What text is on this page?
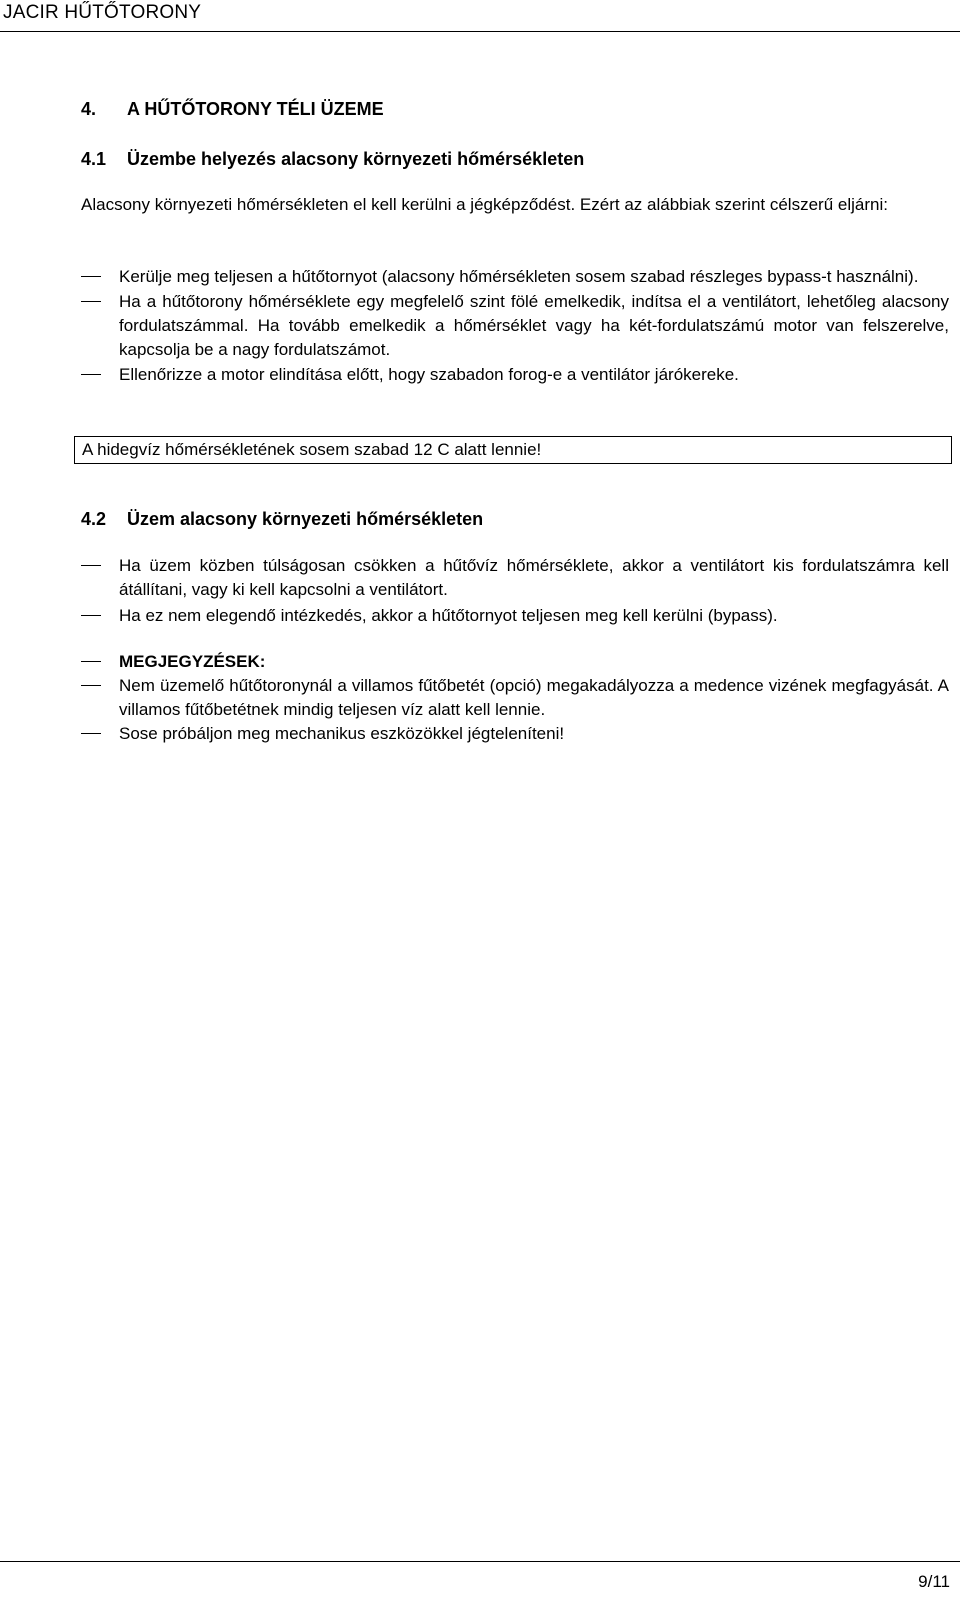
JACIR HŰTŐTORONY
4. A HŰTŐTORONY TÉLI ÜZEME
4.1 Üzembe helyezés alacsony környezeti hőmérsékleten
Alacsony környezeti hőmérsékleten el kell kerülni a jégképződést. Ezért az alábbiak szerint célszerű eljárni:
Kerülje meg teljesen a hűtőtornyot (alacsony hőmérsékleten sosem szabad részleges bypass-t használni).
Ha a hűtőtorony hőmérséklete egy megfelelő szint fölé emelkedik, indítsa el a ventilátort, lehetőleg alacsony fordulatszámmal. Ha tovább emelkedik a hőmérséklet vagy ha két-fordulatszámú motor van felszerelve, kapcsolja be a nagy fordulatszámot.
Ellenőrizze a motor elindítása előtt, hogy szabadon forog-e a ventilátor járókereke.
A hidegvíz hőmérsékletének sosem szabad 12 C alatt lennie!
4.2 Üzem alacsony környezeti hőmérsékleten
Ha üzem közben túlságosan csökken a hűtővíz hőmérséklete, akkor a ventilátort kis fordulatszámra kell átállítani, vagy ki kell kapcsolni a ventilátort.
Ha ez nem elegendő intézkedés, akkor a hűtőtornyot teljesen meg kell kerülni (bypass).
MEGJEGYZÉSEK:
Nem üzemelő hűtőtoronynál a villamos fűtőbetét (opció) megakadályozza a medence vizének megfagyását. A villamos fűtőbetétnek mindig teljesen víz alatt kell lennie.
Sose próbáljon meg mechanikus eszközökkel jégteleníteni!
9/11
